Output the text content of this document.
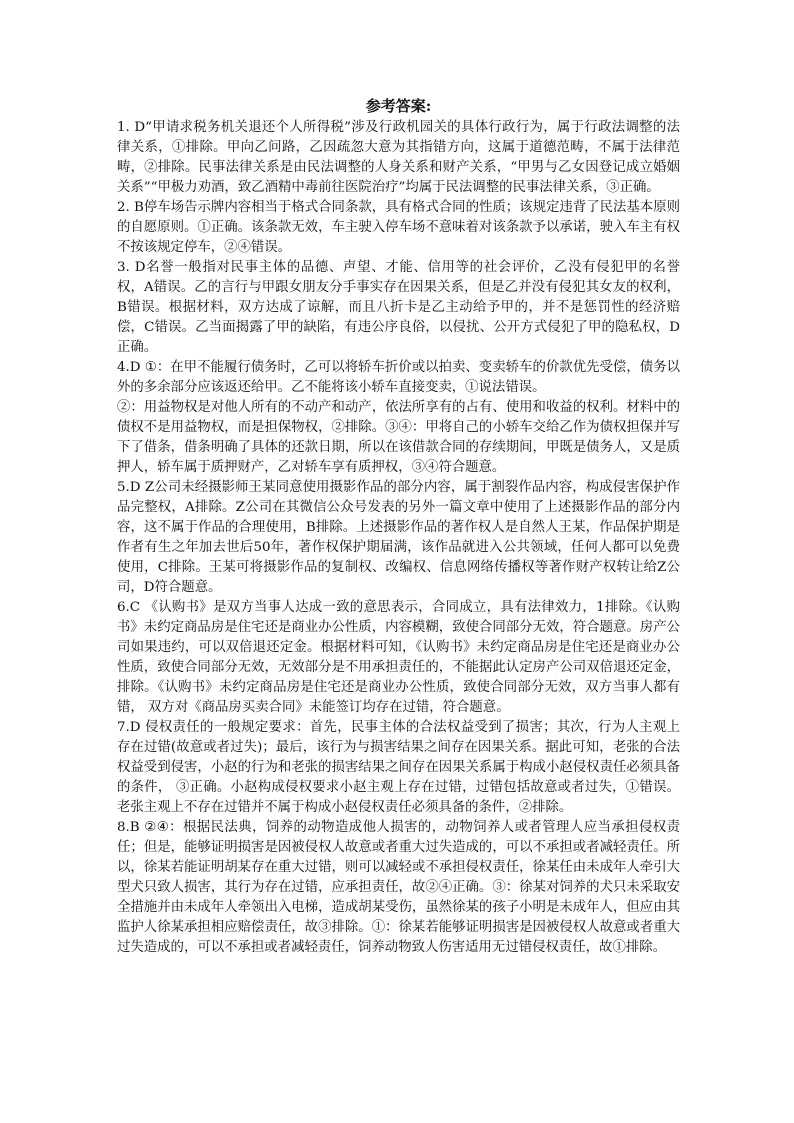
参考答案:

1. D“甲请求税务机关退还个人所得税”涉及行政机园关的具体行政行为，属于行政法调整的法律关系，①排除。甲向乙问路，乙因疏忽大意为其指错方向，这属于道德范畴，不属于法律范畴，②排除。民事法律关系是由民法调整的人身关系和财产关系，“甲男与乙女因登记成立婚姻关系”“甲极力劝酒，致乙酒精中毒前往医院治疗”均属于民法调整的民事法律关系，③正确。

2. B停车场告示牌内容相当于格式合同条款，具有格式合同的性质；该规定违背了民法基本原则的自愿原则。①正确。该条款无效，车主驶入停车场不意味着对该条款予以承诺，驶入车主有权不按该规定停车，②④错误。

3. D名誉一般指对民事主体的品德、声望、才能、信用等的社会评价，乙没有侵犯甲的名誉权，A错误。乙的言行与甲跟女朋友分手事实存在因果关系，但是乙并没有侵犯其女友的权利，B错误。根据材料，双方达成了谅解，而且八折卡是乙主动给予甲的，并不是惩罚性的经济赔偿，C错误。乙当面揭露了甲的缺陷，有违公序良俗，以侵扰、公开方式侵犯了甲的隐私权，D正确。

4.D ①：在甲不能履行债务时，乙可以将轿车折价或以拍卖、变卖轿车的价款优先受偿，债务以外的多余部分应该返还给甲。乙不能将该小轿车直接变卖，①说法错误。

②：用益物权是对他人所有的不动产和动产，依法所享有的占有、使用和收益的权利。材料中的债权不是用益物权，而是担保物权，②排除。③④：甲将自己的小轿车交给乙作为债权担保并写下了借条，借条明确了具体的还款日期，所以在该借款合同的存续期间，甲既是债务人，又是质押人，轿车属于质押财产，乙对轿车享有质押权，③④符合题意。

5.D Z公司未经摄影师王某同意使用摄影作品的部分内容，属于割裂作品内容，构成侵害保护作品完整权，A排除。Z公司在其微信公众号发表的另外一篇文章中使用了上述摄影作品的部分内容，这不属于作品的合理使用，B排除。上述摄影作品的著作权人是自然人王某，作品保护期是作者有生之年加去世后50年，著作权保护期届满，该作品就进入公共领域，任何人都可以免费使用，C排除。王某可将摄影作品的复制权、改编权、信息网络传播权等著作财产权转让给Z公司，D符合题意。

6.C 《认购书》是双方当事人达成一致的意思表示，合同成立，具有法律效力，1排除。《认购书》未约定商品房是住宅还是商业办公性质，内容模糊，致使合同部分无效，符合题意。房产公司如果违约，可以双倍退还定金。根据材料可知，《认购书》未约定商品房是住宅还是商业办公性质，致使合同部分无效，无效部分是不用承担责任的，不能据此认定房产公司双倍退还定金，排除。《认购书》未约定商品房是住宅还是商业办公性质，致使合同部分无效，双方当事人都有错， 双方对《商品房买卖合同》未能签订均存在过错，符合题意。

7.D 侵权责任的一般规定要求：首先，民事主体的合法权益受到了损害；其次，行为人主观上存在过错(故意或者过失)；最后，该行为与损害结果之间存在因果关系。据此可知，老张的合法权益受到侵害，小赵的行为和老张的损害结果之间存在因果关系属于构成小赵侵权责任必须具备的条件， ③正确。小赵构成侵权要求小赵主观上存在过错，过错包括故意或者过失，①错误。老张主观上不存在过错并不属于构成小赵侵权责任必须具备的条件，②排除。

8.B ②④：根据民法典，饲养的动物造成他人损害的，动物饲养人或者管理人应当承担侵权责任；但是，能够证明损害是因被侵权人故意或者重大过失造成的，可以不承担或者减轻责任。所以，徐某若能证明胡某存在重大过错，则可以减轻或不承担侵权责任，徐某任由未成年人牵引大型犬只致人损害，其行为存在过错，应承担责任，故②④正确。③：徐某对饲养的犬只未采取安全措施并由未成年人牵领出入电梯，造成胡某受伤，虽然徐某的孩子小明是未成年人，但应由其监护人徐某承担相应赔偿责任，故③排除。①：徐某若能够证明损害是因被侵权人故意或者重大过失造成的，可以不承担或者减轻责任，饲养动物致人伤害适用无过错侵权责任，故①排除。
